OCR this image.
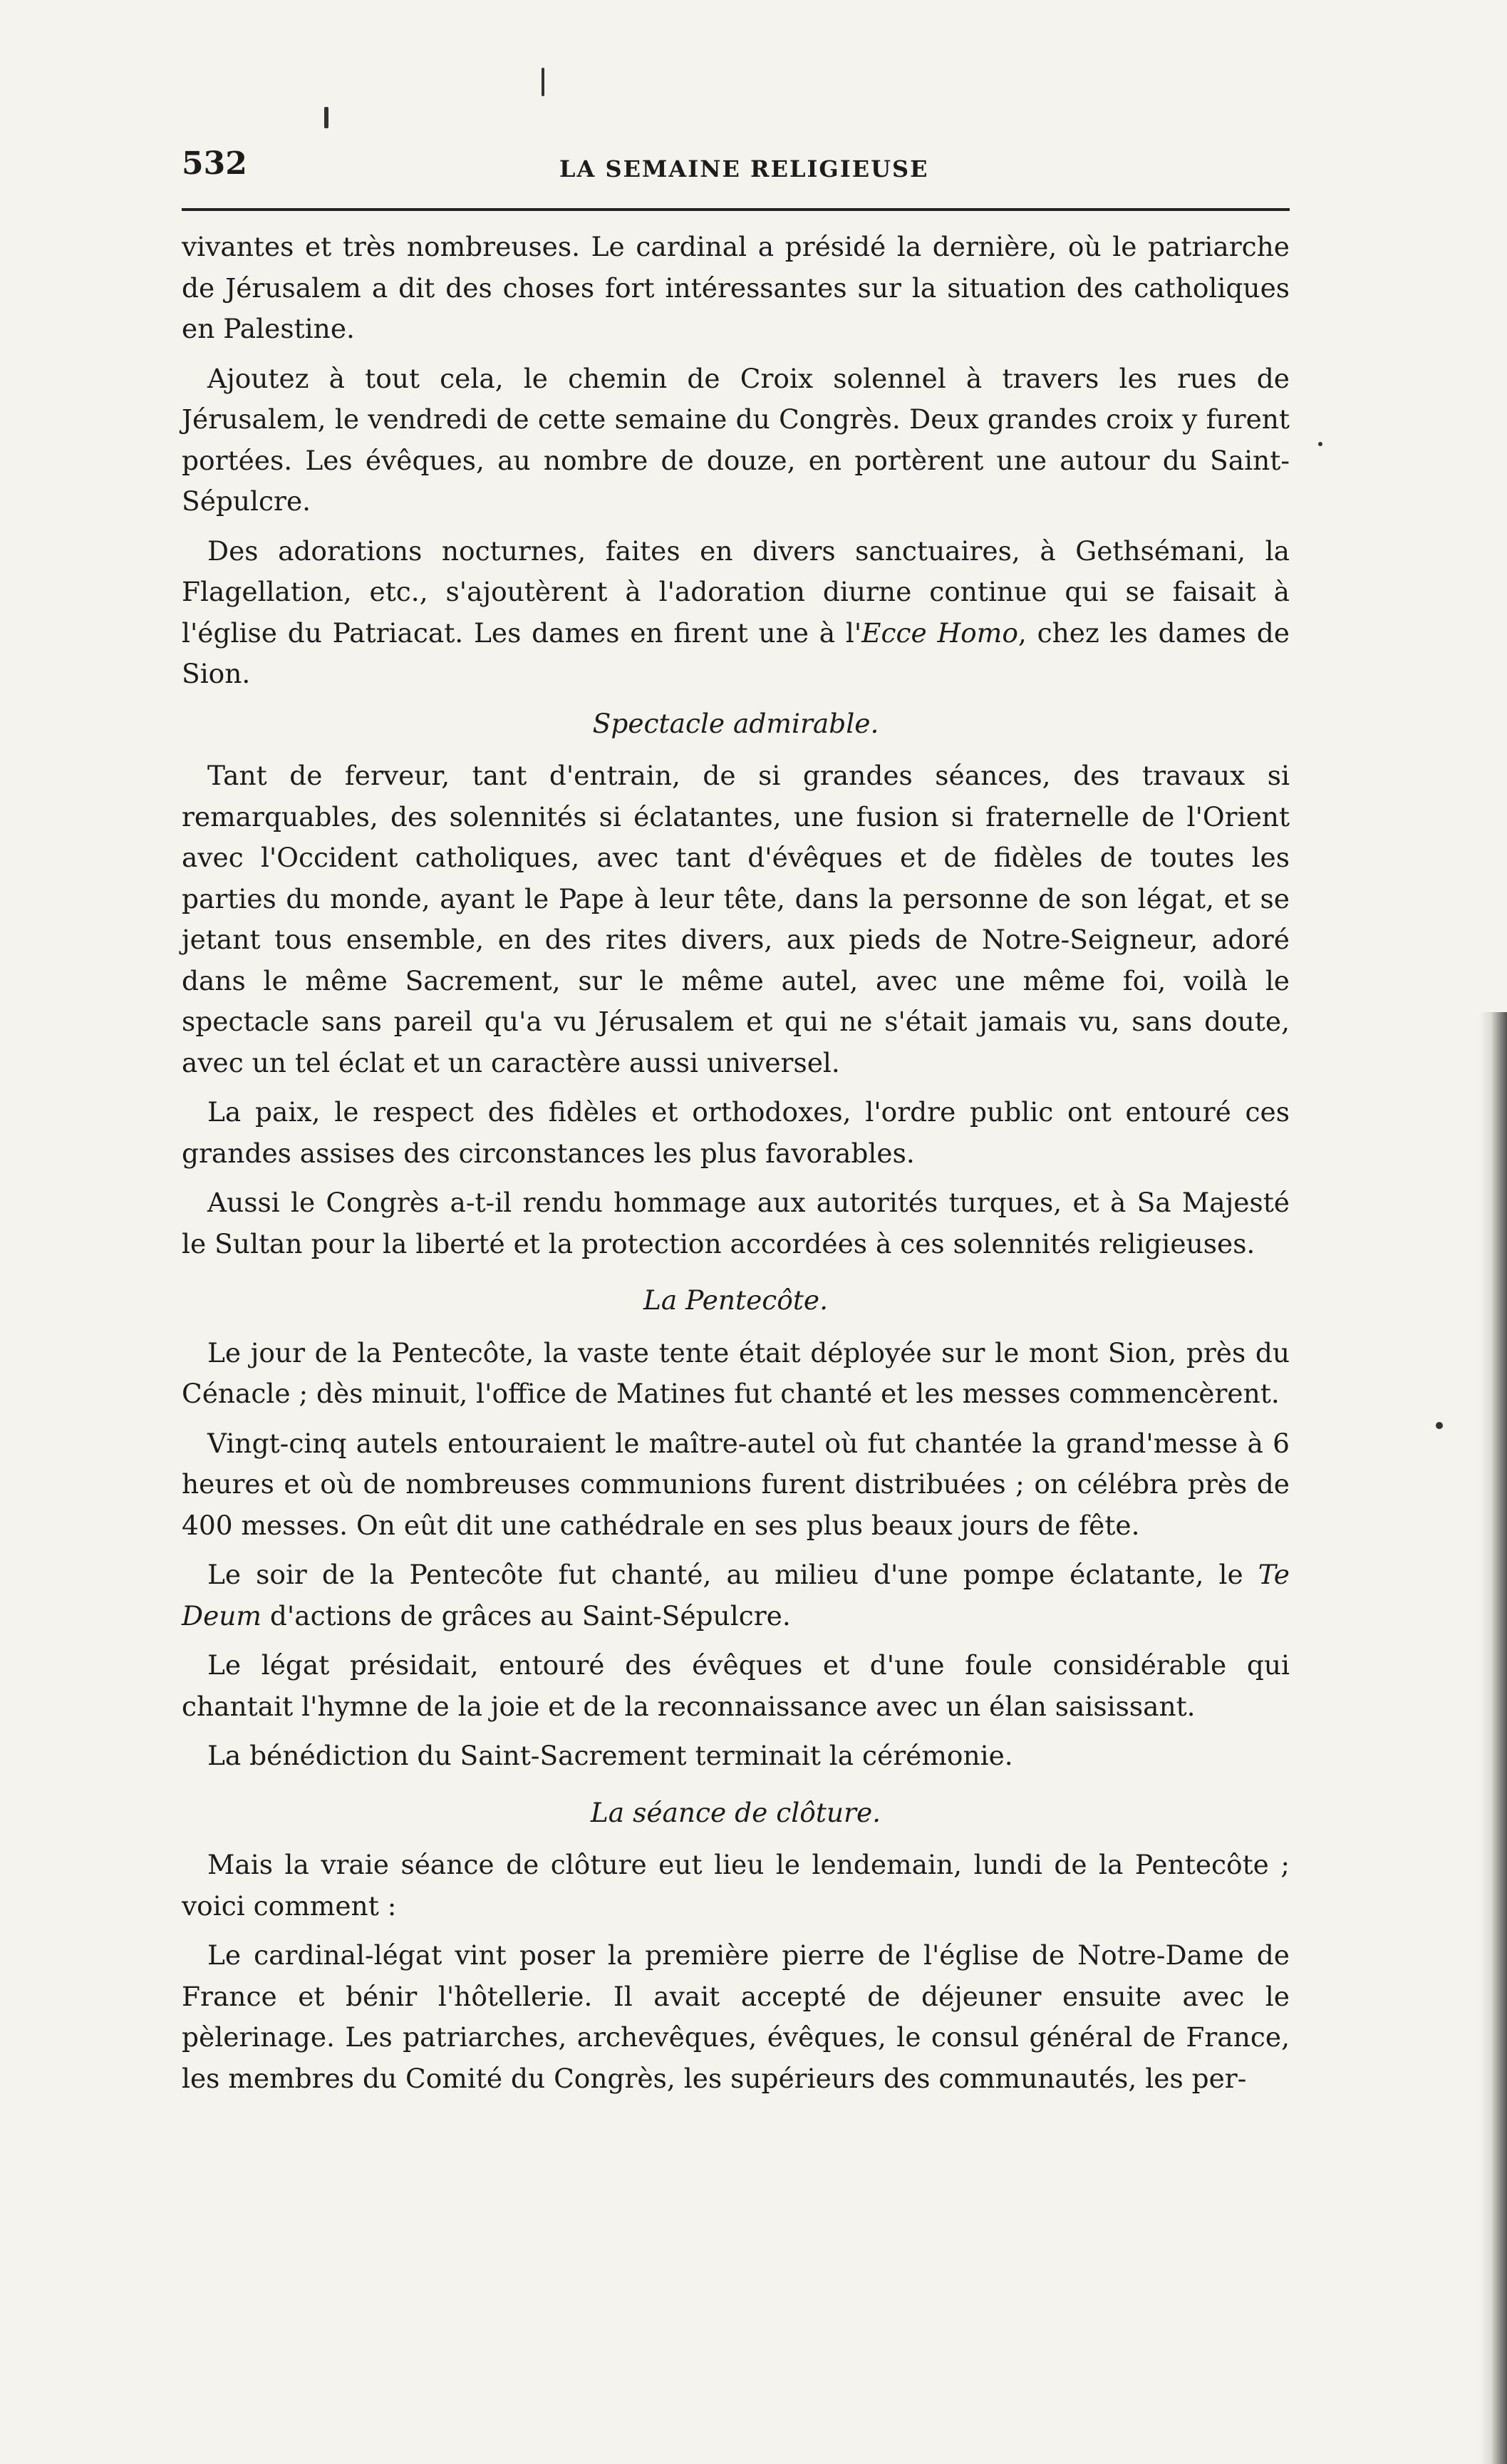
532	LA SEMAINE RELIGIEUSE

vivantes et très nombreuses. Le cardinal a présidé la dernière, où le patriarche de Jérusalem a dit des choses fort intéressantes sur la situation des catholiques en Palestine.

Ajoutez à tout cela, le chemin de Croix solennel à travers les rues de Jérusalem, le vendredi de cette semaine du Congrès. Deux grandes croix y furent portées. Les évêques, au nombre de douze, en portèrent une autour du Saint-Sépulcre.

Des adorations nocturnes, faites en divers sanctuaires, à Gethsémani, la Flagellation, etc., s'ajoutèrent à l'adoration diurne continue qui se faisait à l'église du Patriacat. Les dames en firent une à l'Ecce Homo, chez les dames de Sion.

Spectacle admirable.

Tant de ferveur, tant d'entrain, de si grandes séances, des travaux si remarquables, des solennités si éclatantes, une fusion si fraternelle de l'Orient avec l'Occident catholiques, avec tant d'évêques et de fidèles de toutes les parties du monde, ayant le Pape à leur tête, dans la personne de son légat, et se jetant tous ensemble, en des rites divers, aux pieds de Notre-Seigneur, adoré dans le même Sacrement, sur le même autel, avec une même foi, voilà le spectacle sans pareil qu'a vu Jérusalem et qui ne s'était jamais vu, sans doute, avec un tel éclat et un caractère aussi universel.

La paix, le respect des fidèles et orthodoxes, l'ordre public ont entouré ces grandes assises des circonstances les plus favorables.

Aussi le Congrès a-t-il rendu hommage aux autorités turques, et à Sa Majesté le Sultan pour la liberté et la protection accordées à ces solennités religieuses.

La Pentecôte.

Le jour de la Pentecôte, la vaste tente était déployée sur le mont Sion, près du Cénacle ; dès minuit, l'office de Matines fut chanté et les messes commencèrent.

Vingt-cinq autels entouraient le maître-autel où fut chantée la grand'messe à 6 heures et où de nombreuses communions furent distribuées ; on célébra près de 400 messes. On eût dit une cathédrale en ses plus beaux jours de fête.

Le soir de la Pentecôte fut chanté, au milieu d'une pompe éclatante, le Te Deum d'actions de grâces au Saint-Sépulcre.

Le légat présidait, entouré des évêques et d'une foule considérable qui chantait l'hymne de la joie et de la reconnaissance avec un élan saisissant.

La bénédiction du Saint-Sacrement terminait la cérémonie.

La séance de clôture.

Mais la vraie séance de clôture eut lieu le lendemain, lundi de la Pentecôte ; voici comment :

Le cardinal-légat vint poser la première pierre de l'église de Notre-Dame de France et bénir l'hôtellerie. Il avait accepté de déjeuner ensuite avec le pèlerinage. Les patriarches, archevêques, évêques, le consul général de France, les membres du Comité du Congrès, les supérieurs des communautés, les per-
